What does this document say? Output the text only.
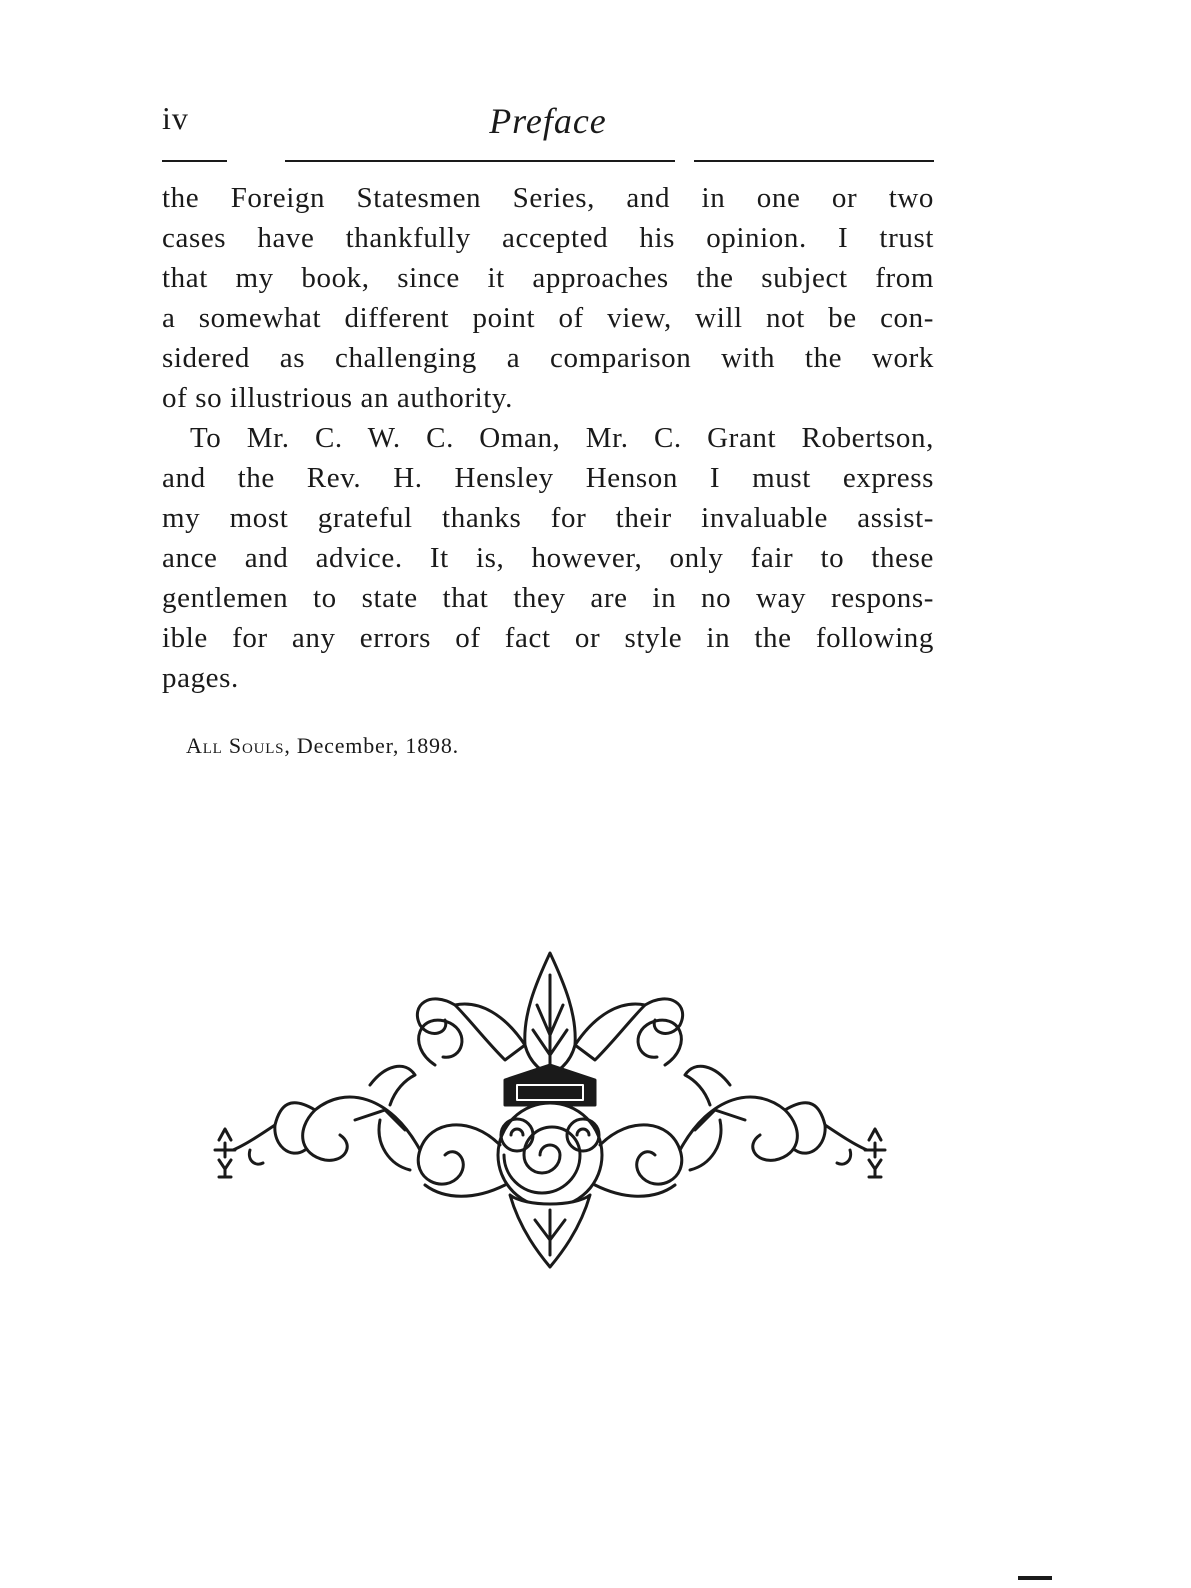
iv	Preface
the Foreign Statesmen Series, and in one or two
cases have thankfully accepted his opinion. I trust
that my book, since it approaches the subject from
a somewhat different point of view, will not be con-
sidered as challenging a comparison with the work
of so illustrious an authority.
To Mr. C. W. C. Oman, Mr. C. Grant Robertson,
and the Rev. H. Hensley Henson I must express
my most grateful thanks for their invaluable assist-
ance and advice. It is, however, only fair to these
gentlemen to state that they are in no way respons-
ible for any errors of fact or style in the following
pages.
All Souls, December, 1898.
